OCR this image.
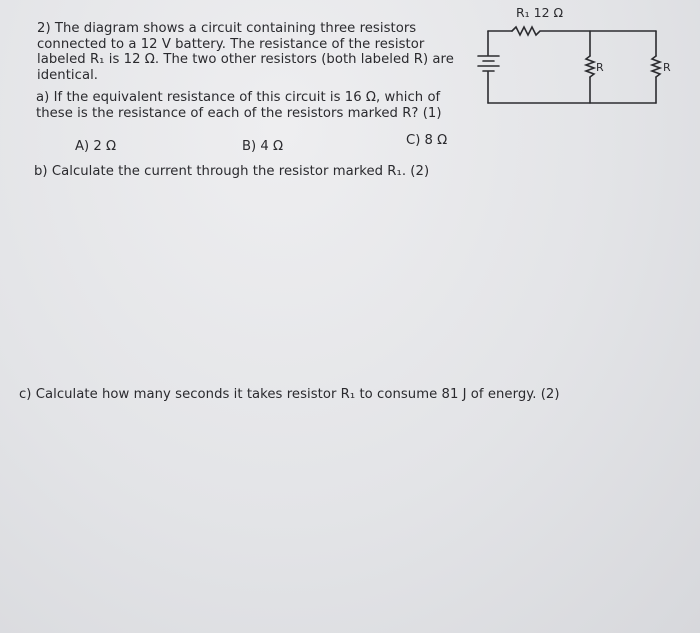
2) The diagram shows a circuit containing three resistors connected to a 12 V battery. The resistance of the resistor labeled R₁ is 12 Ω. The two other resistors (both labeled R) are identical.

a) If the equivalent resistance of this circuit is 16 Ω, which of these is the resistance of each of the resistors marked R? (1)

A) 2 Ω	B) 4 Ω	C) 8 Ω

b) Calculate the current through the resistor marked R₁. (2)

c) Calculate how many seconds it takes resistor R₁ to consume 81 J of energy. (2)

R₁ 12 Ω
R	R
